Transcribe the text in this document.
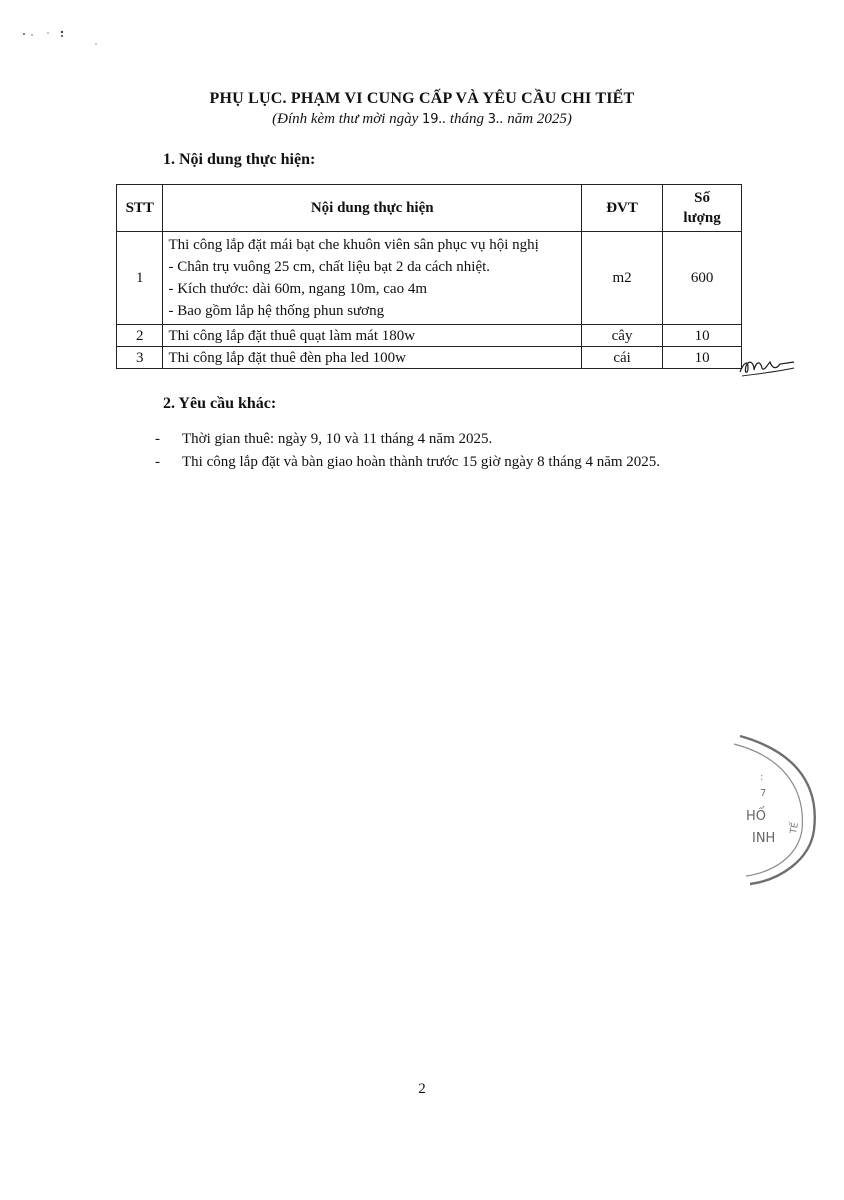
PHỤ LỤC. PHẠM VI CUNG CẤP VÀ YÊU CẦU CHI TIẾT
(Đính kèm thư mời ngày 19.. tháng 3.. năm 2025)
1. Nội dung thực hiện:
STT	Nội dung thực hiện	ĐVT	Số
lượng

1	Thi công lắp đặt mái bạt che khuôn viên sân phục vụ hội nghị
- Chân trụ vuông 25 cm, chất liệu bạt 2 da cách nhiệt.
- Kích thước: dài 60m, ngang 10m, cao 4m
- Bao gồm lắp hệ thống phun sương	m2	600
2	Thi công lắp đặt thuê quạt làm mát 180w	cây	10
3	Thi công lắp đặt thuê đèn pha led 100w	cái	10
2. Yêu cầu khác:
- Thời gian thuê: ngày 9, 10 và 11 tháng 4 năm 2025.
- Thi công lắp đặt và bàn giao hoàn thành trước 15 giờ ngày 8 tháng 4 năm 2025.
:
7
HỐ
INH
TẾ
2
